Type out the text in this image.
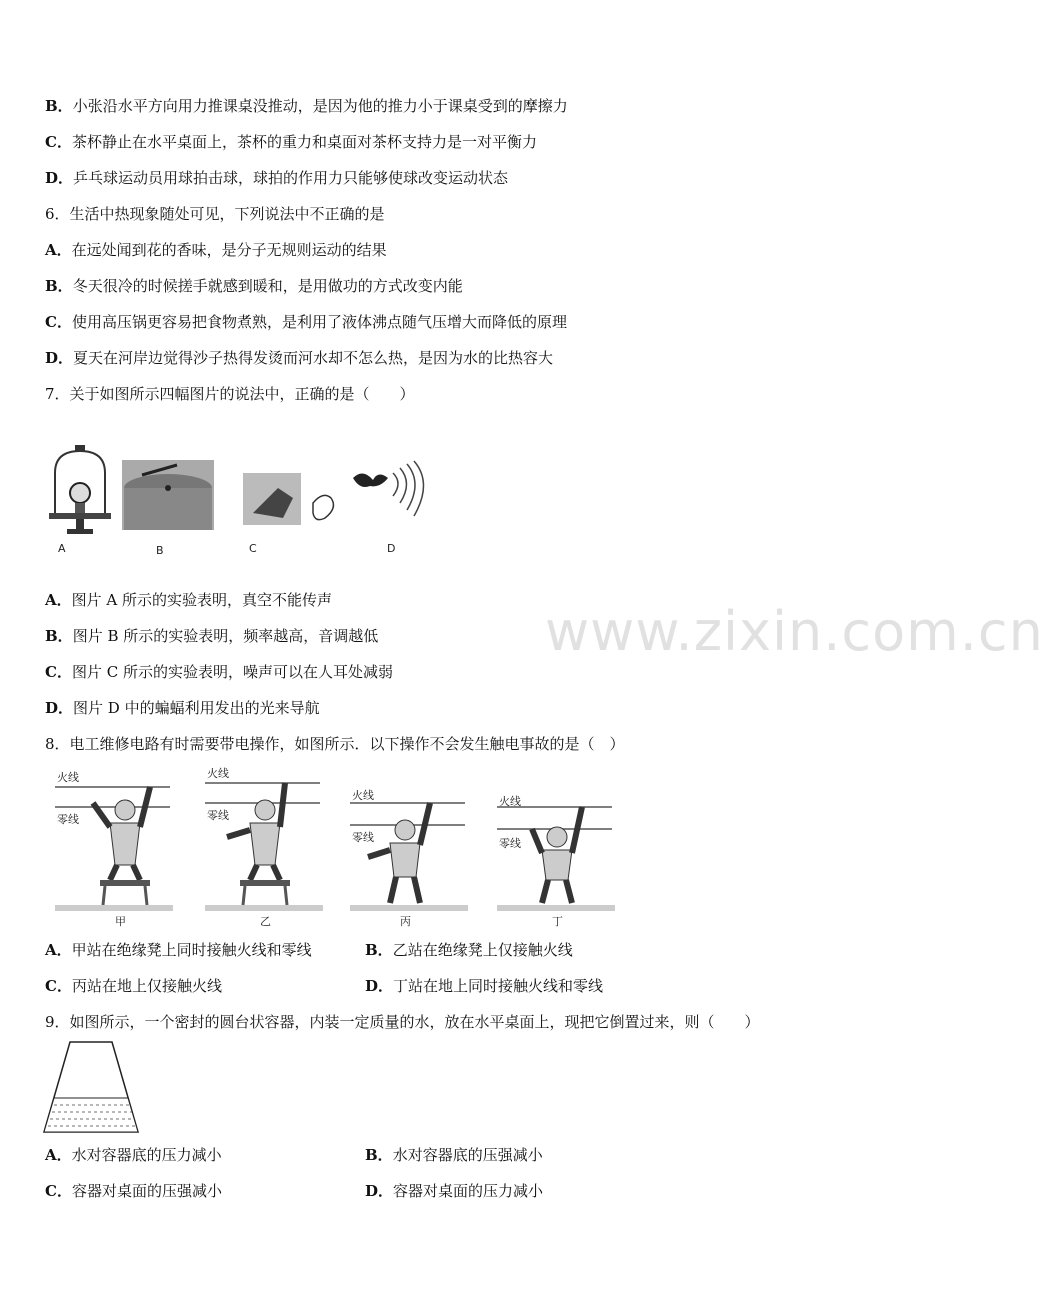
B．小张沿水平方向用力推课桌没推动，是因为他的推力小于课桌受到的摩擦力
C．茶杯静止在水平桌面上，茶杯的重力和桌面对茶杯支持力是一对平衡力
D．乒乓球运动员用球拍击球，球拍的作用力只能够使球改变运动状态
6．生活中热现象随处可见，下列说法中不正确的是
A．在远处闻到花的香味，是分子无规则运动的结果
B．冬天很冷的时候搓手就感到暖和，是用做功的方式改变内能
C．使用高压锅更容易把食物煮熟，是利用了液体沸点随气压增大而降低的原理
D．夏天在河岸边觉得沙子热得发烫而河水却不怎么热，是因为水的比热容大
7．关于如图所示四幅图片的说法中，正确的是（　　）
A	B	C	D
A．图片 A 所示的实验表明，真空不能传声
B．图片 B 所示的实验表明，频率越高，音调越低
C．图片 C 所示的实验表明，噪声可以在人耳处减弱
D．图片 D 中的蝙蝠利用发出的光来导航
8．电工维修电路有时需要带电操作，如图所示．以下操作不会发生触电事故的是（　）
火线
零线
甲
火线
零线
乙
火线
零线
丙
火线
零线
丁
A．甲站在绝缘凳上同时接触火线和零线	B．乙站在绝缘凳上仅接触火线
C．丙站在地上仅接触火线	D．丁站在地上同时接触火线和零线
9．如图所示，一个密封的圆台状容器，内装一定质量的水，放在水平桌面上，现把它倒置过来，则（　　）
A．水对容器底的压力减小	B．水对容器底的压强减小
C．容器对桌面的压强减小	D．容器对桌面的压力减小
www.zixin.com.cn
